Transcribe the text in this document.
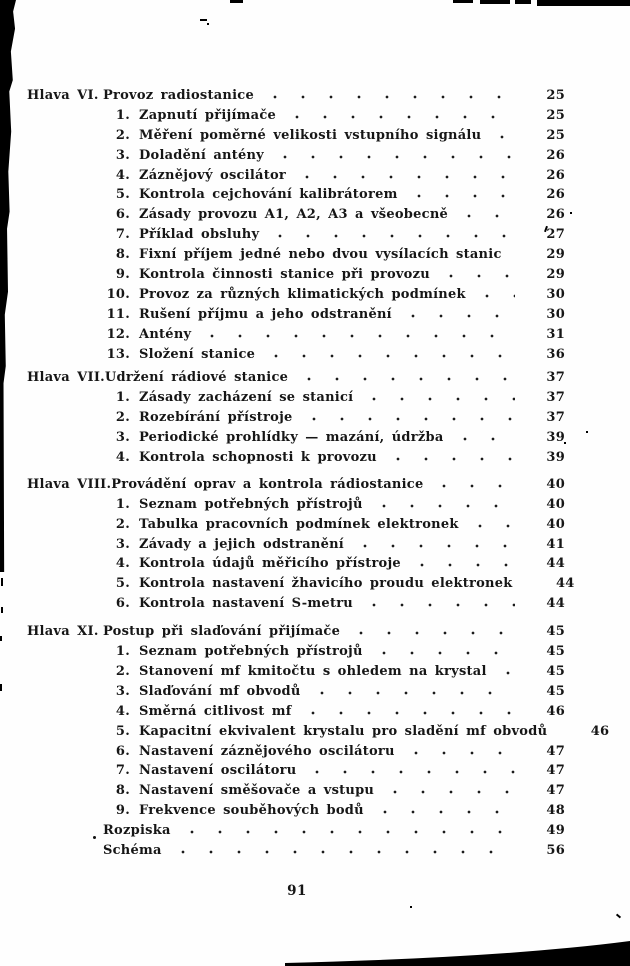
Hlava VI. Provoz radiostanice	25
1. Zapnutí přijímače	25
2. Měření poměrné velikosti vstupního signálu	25
3. Doladění antény	26
4. Záznějový oscilátor	26
5. Kontrola cejchování kalibrátorem	26
6. Zásady provozu A1, A2, A3 a všeobecně	26
7. Příklad obsluhy	27
8. Fixní příjem jedné nebo dvou vysílacích stanic	29
9. Kontrola činnosti stanice při provozu	29
10. Provoz za různých klimatických podmínek	30
11. Rušení příjmu a jeho odstranění	30
12. Antény	31
13. Složení stanice	36
Hlava VII. Udržení rádiové stanice	37
1. Zásady zacházení se stanicí	37
2. Rozebírání přístroje	37
3. Periodické prohlídky — mazání, údržba	39
4. Kontrola schopnosti k provozu	39
Hlava VIII. Provádění oprav a kontrola rádiostanice	40
1. Seznam potřebných přístrojů	40
2. Tabulka pracovních podmínek elektronek	40
3. Závady a jejich odstranění	41
4. Kontrola údajů měřicího přístroje	44
5. Kontrola nastavení žhavicího proudu elektronek	44
6. Kontrola nastavení S-metru	44
Hlava XI. Postup při slaďování přijímače	45
1. Seznam potřebných přístrojů	45
2. Stanovení mf kmitočtu s ohledem na krystal	45
3. Slaďování mf obvodů	45
4. Směrná citlivost mf	46
5. Kapacitní ekvivalent krystalu pro sladění mf obvodů	46
6. Nastavení záznějového oscilátoru	47
7. Nastavení oscilátoru	47
8. Nastavení směšovače a vstupu	47
9. Frekvence souběhových bodů	48
Rozpiska	49
Schéma	56
91
